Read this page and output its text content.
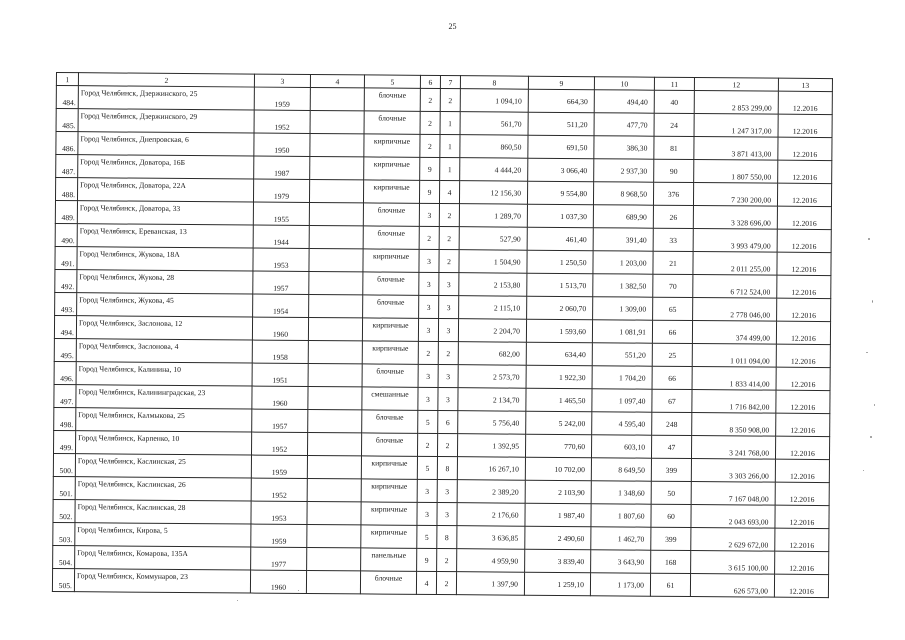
25
1	2	3	4	5	6	7	8	9	10	11	12	13
484.	Город Челябинск, Дзержинского, 25	1959		блочные	2	2	1 094,10	664,30	494,40	40	2 853 299,00	12.2016
485.	Город Челябинск, Дзержинского, 29	1952		блочные	2	1	561,70	511,20	477,70	24	1 247 317,00	12.2016
486.	Город Челябинск, Днепровская, 6	1950		кирпичные	2	1	860,50	691,50	386,30	81	3 871 413,00	12.2016
487.	Город Челябинск, Доватора, 16Б	1987		кирпичные	9	1	4 444,20	3 066,40	2 937,30	90	1 807 550,00	12.2016
488.	Город Челябинск, Доватора, 22А	1979		кирпичные	9	4	12 156,30	9 554,80	8 968,50	376	7 230 200,00	12.2016
489.	Город Челябинск, Доватора, 33	1955		блочные	3	2	1 289,70	1 037,30	689,90	26	3 328 696,00	12.2016
490.	Город Челябинск, Ереванская, 13	1944		блочные	2	2	527,90	461,40	391,40	33	3 993 479,00	12.2016
491.	Город Челябинск, Жукова, 18А	1953		кирпичные	3	2	1 504,90	1 250,50	1 203,00	21	2 011 255,00	12.2016
492.	Город Челябинск, Жукова, 28	1957		блочные	3	3	2 153,80	1 513,70	1 382,50	70	6 712 524,00	12.2016
493.	Город Челябинск, Жукова, 45	1954		блочные	3	3	2 115,10	2 060,70	1 309,00	65	2 778 046,00	12.2016
494.	Город Челябинск, Заслонова, 12	1960		кирпичные	3	3	2 204,70	1 593,60	1 081,91	66	374 499,00	12.2016
495.	Город Челябинск, Заслонова, 4	1958		кирпичные	2	2	682,00	634,40	551,20	25	1 011 094,00	12.2016
496.	Город Челябинск, Калинина, 10	1951		блочные	3	3	2 573,70	1 922,30	1 704,20	66	1 833 414,00	12.2016
497.	Город Челябинск, Калининградская, 23	1960		смешанные	3	3	2 134,70	1 465,50	1 097,40	67	1 716 842,00	12.2016
498.	Город Челябинск, Калмыкова, 25	1957		блочные	5	6	5 756,40	5 242,00	4 595,40	248	8 350 908,00	12.2016
499.	Город Челябинск, Карпенко, 10	1952		блочные	2	2	1 392,95	770,60	603,10	47	3 241 768,00	12.2016
500.	Город Челябинск, Каслинская, 25	1959		кирпичные	5	8	16 267,10	10 702,00	8 649,50	399	3 303 266,00	12.2016
501.	Город Челябинск, Каслинская, 26	1952		кирпичные	3	3	2 389,20	2 103,90	1 348,60	50	7 167 048,00	12.2016
502.	Город Челябинск, Каслинская, 28	1953		кирпичные	3	3	2 176,60	1 987,40	1 807,60	60	2 043 693,00	12.2016
503.	Город Челябинск, Кирова, 5	1959		кирпичные	5	8	3 636,85	2 490,60	1 462,70	399	2 629 672,00	12.2016
504.	Город Челябинск, Комарова, 135А	1977		панельные	9	2	4 959,90	3 839,40	3 643,90	168	3 615 100,00	12.2016
505.	Город Челябинск, Коммунаров, 23	1960		блочные	4	2	1 397,90	1 259,10	1 173,00	61	626 573,00	12.2016
